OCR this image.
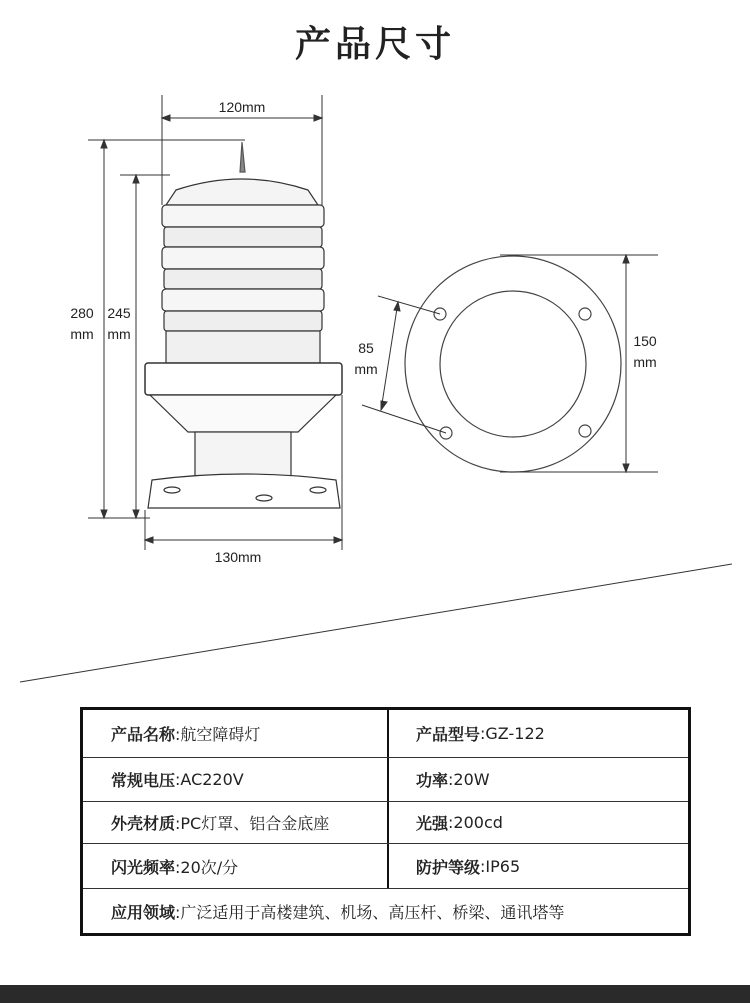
产品尺寸
120mm
280
mm
245
mm
130mm
85
mm
150
mm
产品名称 :航空障碍灯	产品型号 :GZ-122
常规电压 :AC220V	功率 :20W
外壳材质 :PC灯罩、铝合金底座	光强 :200cd
闪光频率 :20次/分	防护等级 :IP65
应用领域 :广泛适用于高楼建筑、机场、高压杆、桥梁、通讯塔等
